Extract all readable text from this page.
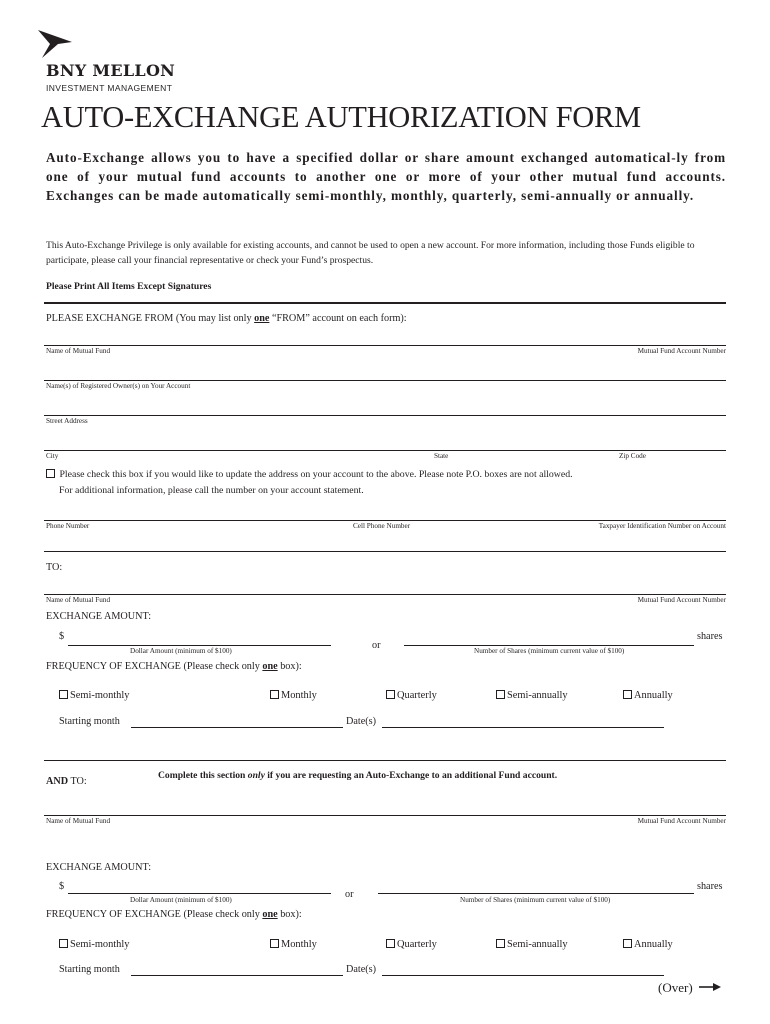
BNY MELLON
INVESTMENT MANAGEMENT
AUTO-EXCHANGE AUTHORIZATION FORM
Auto-Exchange allows you to have a specified dollar or share amount exchanged automatical-ly from one of your mutual fund accounts to another one or more of your other mutual fund accounts. Exchanges can be made automatically semi-monthly, monthly, quarterly, semi-annually or annually.
This Auto-Exchange Privilege is only available for existing accounts, and cannot be used to open a new account. For more information, including those Funds eligible to participate, please call your financial representative or check your Fund’s prospectus.
Please Print All Items Except Signatures
PLEASE EXCHANGE FROM (You may list only one “FROM” account on each form):
Name of Mutual Fund	Mutual Fund Account Number
Name(s) of Registered Owner(s) on Your Account
Street Address
City	State	Zip Code
Please check this box if you would like to update the address on your account to the above. Please note P.O. boxes are not allowed.
For additional information, please call the number on your account statement.
Phone Number	Cell Phone Number	Taxpayer Identification Number on Account
TO:
Name of Mutual Fund	Mutual Fund Account Number
EXCHANGE AMOUNT:
$
Dollar Amount (minimum of $100)	or
shares
Number of Shares (minimum current value of $100)
FREQUENCY OF EXCHANGE (Please check only one box):
Semi-monthly	Monthly	Quarterly	Semi-annually	Annually
Starting month	Date(s)
AND TO:
Complete this section only if you are requesting an Auto-Exchange to an additional Fund account.
Name of Mutual Fund	Mutual Fund Account Number
EXCHANGE AMOUNT:
$
Dollar Amount (minimum of $100)	or
shares
Number of Shares (minimum current value of $100)
FREQUENCY OF EXCHANGE (Please check only one box):
Semi-monthly	Monthly	Quarterly	Semi-annually	Annually
Starting month	Date(s)
(Over)
